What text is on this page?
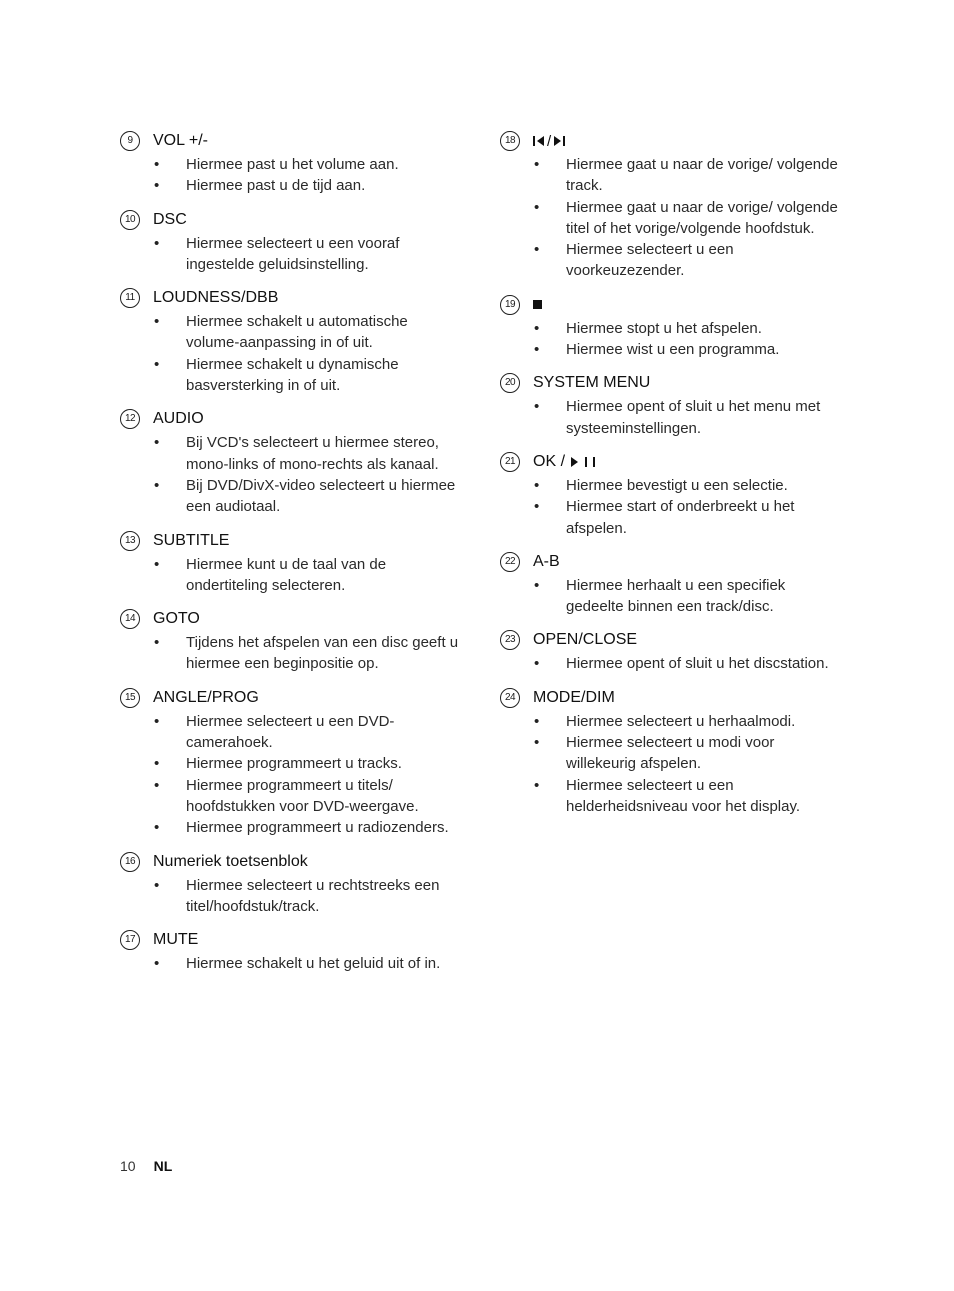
9	VOL +/-
• Hiermee past u het volume aan.
• Hiermee past u de tijd aan.
10	DSC
• Hiermee selecteert u een vooraf ingestelde geluidsinstelling.
11	LOUDNESS/DBB
• Hiermee schakelt u automatische volume-aanpassing in of uit.
• Hiermee schakelt u dynamische basversterking in of uit.
12	AUDIO
• Bij VCD's selecteert u hiermee stereo, mono-links of mono-rechts als kanaal.
• Bij DVD/DivX-video selecteert u hiermee een audiotaal.
13	SUBTITLE
• Hiermee kunt u de taal van de ondertiteling selecteren.
14	GOTO
• Tijdens het afspelen van een disc geeft u hiermee een beginpositie op.
15	ANGLE/PROG
• Hiermee selecteert u een DVD-camerahoek.
• Hiermee programmeert u tracks.
• Hiermee programmeert u titels/ hoofdstukken voor DVD-weergave.
• Hiermee programmeert u radiozenders.
16	Numeriek toetsenblok
• Hiermee selecteert u rechtstreeks een titel/hoofdstuk/track.
17	MUTE
• Hiermee schakelt u het geluid uit of in.
18	/
• Hiermee gaat u naar de vorige/ volgende track.
• Hiermee gaat u naar de vorige/ volgende titel of het vorige/volgende hoofdstuk.
• Hiermee selecteert u een voorkeuzezender.
19
• Hiermee stopt u het afspelen.
• Hiermee wist u een programma.
20	SYSTEM MENU
• Hiermee opent of sluit u het menu met systeeminstellingen.
21	OK /
• Hiermee bevestigt u een selectie.
• Hiermee start of onderbreekt u het afspelen.
22	A-B
• Hiermee herhaalt u een specifiek gedeelte binnen een track/disc.
23	OPEN/CLOSE
• Hiermee opent of sluit u het discstation.
24	MODE/DIM
• Hiermee selecteert u herhaalmodi.
• Hiermee selecteert u modi voor willekeurig afspelen.
• Hiermee selecteert u een helderheidsniveau voor het display.
10 NL
